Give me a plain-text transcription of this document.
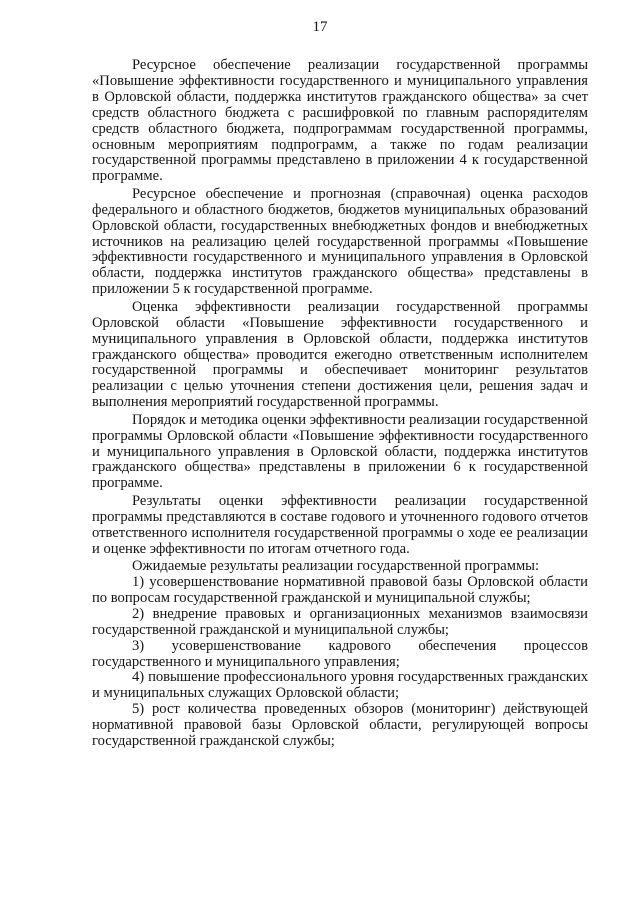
17

Ресурсное обеспечение реализации государственной программы «Повышение эффективности государственного и муниципального управления в Орловской области, поддержка институтов гражданского общества» за счет средств областного бюджета с расшифровкой по главным распорядителям средств областного бюджета, подпрограммам государственной программы, основным мероприятиям подпрограмм, а также по годам реализации государственной программы представлено в приложении 4 к государственной программе.

Ресурсное обеспечение и прогнозная (справочная) оценка расходов федерального и областного бюджетов, бюджетов муниципальных образований Орловской области, государственных внебюджетных фондов и внебюджетных источников на реализацию целей государственной программы «Повышение эффективности государственного и муниципального управления в Орловской области, поддержка институтов гражданского общества» представлены в приложении 5 к государственной программе.

Оценка эффективности реализации государственной программы Орловской области «Повышение эффективности государственного и муниципального управления в Орловской области, поддержка институтов гражданского общества» проводится ежегодно ответственным исполнителем государственной программы и обеспечивает мониторинг результатов реализации с целью уточнения степени достижения цели, решения задач и выполнения мероприятий государственной программы.

Порядок и методика оценки эффективности реализации государственной программы Орловской области «Повышение эффективности государственного и муниципального управления в Орловской области, поддержка институтов гражданского общества» представлены в приложении 6 к государственной программе.

Результаты оценки эффективности реализации государственной программы представляются в составе годового и уточненного годового отчетов ответственного исполнителя государственной программы о ходе ее реализации и оценке эффективности по итогам отчетного года.

Ожидаемые результаты реализации государственной программы:

1) усовершенствование нормативной правовой базы Орловской области по вопросам государственной гражданской и муниципальной службы;

2) внедрение правовых и организационных механизмов взаимосвязи государственной гражданской и муниципальной службы;

3) усовершенствование кадрового обеспечения процессов государственного и муниципального управления;

4) повышение профессионального уровня государственных гражданских и муниципальных служащих Орловской области;

5) рост количества проведенных обзоров (мониторинг) действующей нормативной правовой базы Орловской области, регулирующей вопросы государственной гражданской службы;
